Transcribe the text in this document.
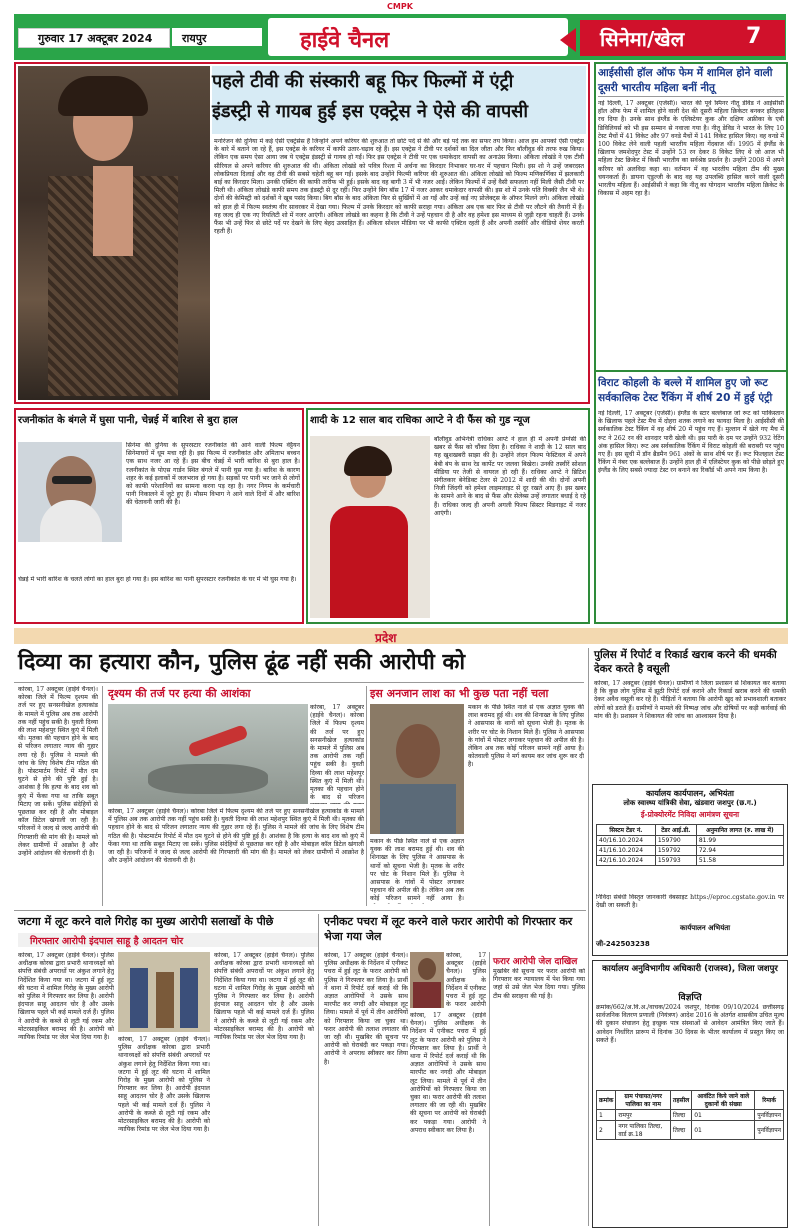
CMPK
गुरुवार 17 अक्टूबर 2024	रायपुर	हाईवे चैनल	सिनेमा/खेल	7
पहले टीवी की संस्कारी बहू फिर फिल्मों में एंट्री
इंडस्ट्री से गायब हुई इस एक्ट्रेस ने ऐसे की वापसी

मनोरंजन की दुनिया में कई ऐसी एक्ट्रेसेस हैं जिन्होंने अपने करियर की शुरुआत तो छोटे पर्दे से की और बड़े पर्दे तक का सफर तय किया। आज हम आपको ऐसी एक्ट्रेस के बारे में बताने जा रहे हैं, इस एक्ट्रेस के करियर में काफी उतार-चढ़ाव रहे हैं। इस एक्ट्रेस ने टीवी पर दर्शकों का दिल जीता और फिर बॉलीवुड की तरफ रुख किया। लेकिन एक समय ऐसा आया जब ये एक्ट्रेस इंडस्ट्री से गायब हो गईं। फिर इस एक्ट्रेस ने टीवी पर एक धमाकेदार वापसी का अनाउंस किया। अंकिता लोखंडे ने एक टीवी सीरियल से अपने करियर की शुरुआत की थी। अंकिता लोखंडे को पवित्र रिश्ता में अर्चना का किरदार निभाकर घर-घर में पहचान मिली। इस शो ने उन्हें जबरदस्त लोकप्रियता दिलाई और वह टीवी की सबसे चहेती बहू बन गईं। इसके बाद उन्होंने फिल्मी करियर की शुरुआत की। अंकिता लोखंडे को फिल्म मणिकर्णिका में झलकारी बाई का किरदार मिला। उनकी एक्टिंग की काफी तारीफ भी हुई। इसके बाद वह बागी 3 में भी नजर आईं। लेकिन फिल्मों में उन्हें वैसी सफलता नहीं मिली जैसी टीवी पर मिली थी। अंकिता लोखंडे काफी समय तक इंडस्ट्री से दूर रहीं। फिर उन्होंने बिग बॉस 17 में नजर आकर धमाकेदार वापसी की। इस शो में उनके पति विक्की जैन भी थे। दोनों की केमिस्ट्री को दर्शकों ने खूब पसंद किया। बिग बॉस के बाद अंकिता फिर से सुर्खियों में आ गईं और उन्हें कई नए प्रोजेक्ट्स के ऑफर मिलने लगे। अंकिता लोखंडे को हाल ही में फिल्म स्वतंत्र्य वीर सावरकर में देखा गया। फिल्म में उनके किरदार को काफी सराहा गया। अंकिता अब एक बार फिर से टीवी पर लौटने की तैयारी में हैं। वह जल्द ही एक नए रियलिटी शो में नजर आएंगी। अंकिता लोखंडे का कहना है कि टीवी ने उन्हें पहचान दी है और वह हमेशा इस माध्यम से जुड़ी रहना चाहती हैं। उनके फैंस भी उन्हें फिर से छोटे पर्दे पर देखने के लिए बेहद उत्साहित हैं। अंकिता सोशल मीडिया पर भी काफी एक्टिव रहती हैं और अपनी तस्वीरें और वीडियो शेयर करती रहती हैं।

आईसीसी हॉल ऑफ फेम में शामिल होने वाली दूसरी भारतीय महिला बनीं नीतू

नई दिल्ली, 17 अक्टूबर (एजेंसी)। भारत की पूर्व स्पिनर नीतू डेविड ने आईसीसी हॉल ऑफ फेम में शामिल होने वाली देश की दूसरी महिला क्रिकेटर बनकर इतिहास रच दिया है। उनके साथ इंग्लैंड के एलिस्टेयर कुक और दक्षिण अफ्रीका के एबी डिविलियर्स को भी इस सम्मान से नवाजा गया है। नीतू डेविड ने भारत के लिए 10 टेस्ट मैचों में 41 विकेट और 97 वनडे मैचों में 141 विकेट हासिल किए। वह वनडे में 100 विकेट लेने वाली पहली भारतीय महिला गेंदबाज थीं। 1995 में इंग्लैंड के खिलाफ जमशेदपुर टेस्ट में उन्होंने 53 रन देकर 8 विकेट लिए थे जो आज भी महिला टेस्ट क्रिकेट में किसी भारतीय का सर्वश्रेष्ठ प्रदर्शन है। उन्होंने 2008 में अपने करियर को अलविदा कहा था। वर्तमान में वह भारतीय महिला टीम की मुख्य चयनकर्ता हैं। डायना एडुल्जी के बाद वह यह उपलब्धि हासिल करने वाली दूसरी भारतीय महिला हैं। आईसीसी ने कहा कि नीतू का योगदान भारतीय महिला क्रिकेट के विकास में अहम रहा है।

विराट कोहली के बल्ले में शामिल हुए जो रूट सर्वकालिक टेस्ट रैंकिंग में शीर्ष 20 में हुई एंट्री

नई दिल्ली, 17 अक्टूबर (एजेंसी)। इंग्लैंड के स्टार बल्लेबाज जो रूट को पाकिस्तान के खिलाफ पहले टेस्ट मैच में दोहरा शतक लगाने का फायदा मिला है। आईसीसी की सर्वकालिक टेस्ट रैंकिंग में वह शीर्ष 20 में पहुंच गए हैं। मुल्तान में खेले गए मैच में रूट ने 262 रन की शानदार पारी खेली थी। इस पारी के दम पर उन्होंने 932 रेटिंग अंक हासिल किए। रूट अब सर्वकालिक रैंकिंग में विराट कोहली की बराबरी पर पहुंच गए हैं। इस सूची में डॉन ब्रैडमैन 961 अंकों के साथ शीर्ष पर हैं। रूट फिलहाल टेस्ट रैंकिंग में नंबर एक बल्लेबाज हैं। उन्होंने हाल ही में एलिस्टेयर कुक को पीछे छोड़ते हुए इंग्लैंड के लिए सबसे ज्यादा टेस्ट रन बनाने का रिकॉर्ड भी अपने नाम किया है।

रजनीकांत के बंगले में घुसा पानी, चेन्नई में बारिश से बुरा हाल

सिनेमा की दुनिया के सुपरस्टार रजनीकांत की आने वाली फिल्म वेट्टैयन सिनेमाघरों में धूम मचा रही है। इस फिल्म में रजनीकांत और अमिताभ बच्चन एक साथ नजर आ रहे हैं। इस बीच चेन्नई में भारी बारिश से बुरा हाल है। रजनीकांत के पोएस गार्डन स्थित बंगले में पानी घुस गया है। बारिश के कारण शहर के कई इलाकों में जलभराव हो गया है। सड़कों पर पानी भर जाने से लोगों को काफी परेशानियों का सामना करना पड़ रहा है। नगर निगम के कर्मचारी पानी निकालने में जुटे हुए हैं। मौसम विभाग ने आने वाले दिनों में और बारिश की चेतावनी जारी की है।

चेन्नई में भारी बारिश के चलते लोगों का हाल बुरा हो गया है। इस बारिश का पानी सुपरस्टार रजनीकांत के घर में भी घुस गया है।

शादी के 12 साल बाद राधिका आप्टे ने दी फैंस को गुड न्यूज

बॉलीवुड अभिनेत्री राधिका आप्टे ने हाल ही में अपनी प्रेग्नेंसी की खबर से फैंस को चौंका दिया है। राधिका ने शादी के 12 साल बाद यह खुशखबरी साझा की है। उन्होंने लंदन फिल्म फेस्टिवल में अपने बेबी बंप के साथ रेड कार्पेट पर जलवा बिखेरा। उनकी तस्वीरें सोशल मीडिया पर तेजी से वायरल हो रही हैं। राधिका आप्टे ने ब्रिटिश संगीतकार बेनेडिक्ट टेलर से 2012 में शादी की थी। दोनों अपनी निजी जिंदगी को हमेशा लाइमलाइट से दूर रखते आए हैं। इस खबर के सामने आने के बाद से फैंस और सेलेब्स उन्हें लगातार बधाई दे रहे हैं। राधिका जल्द ही अपनी अगली फिल्म सिस्टर मिडनाइट में नजर आएंगी।

प्रदेश
दिव्या का हत्यारा कौन, पुलिस ढूंढ नहीं सकी आरोपी को

कोरबा, 17 अक्टूबर (हाईवे चैनल)। कोरबा जिले में फिल्म दृश्यम की तर्ज पर हुए सनसनीखेज हत्याकांड के मामले में पुलिस अब तक आरोपी तक नहीं पहुंच सकी है। युवती दिव्या की लाश महेशपुर स्थित कुएं में मिली थी। मृतका की पहचान होने के बाद से परिजन लगातार न्याय की गुहार लगा रहे हैं। पुलिस ने मामले की जांच के लिए विशेष टीम गठित की है। पोस्टमार्टम रिपोर्ट में मौत दम घुटने से होने की पुष्टि हुई है। आशंका है कि हत्या के बाद शव को कुएं में फेंका गया था ताकि सबूत मिटाए जा सकें। पुलिस संदेहियों से पूछताछ कर रही है और मोबाइल कॉल डिटेल खंगाली जा रही है। परिजनों ने जल्द से जल्द आरोपी की गिरफ्तारी की मांग की है। मामले को लेकर ग्रामीणों में आक्रोश है और उन्होंने आंदोलन की चेतावनी दी है।

दृश्यम की तर्ज पर हत्या की आशंका

कोरबा, 17 अक्टूबर (हाईवे चैनल)। कोरबा जिले में फिल्म दृश्यम की तर्ज पर हुए सनसनीखेज हत्याकांड के मामले में पुलिस अब तक आरोपी तक नहीं पहुंच सकी है। युवती दिव्या की लाश महेशपुर स्थित कुएं में मिली थी। मृतका की पहचान होने के बाद से परिजन

कोरबा, 17 अक्टूबर (हाईवे चैनल)। कोरबा जिले में फिल्म दृश्यम की तर्ज पर हुए सनसनीखेज हत्याकांड के मामले में पुलिस अब तक आरोपी तक नहीं पहुंच सकी है। युवती दिव्या की लाश महेशपुर स्थित कुएं में मिली थी। मृतका की पहचान होने के बाद से परिजन लगातार न्याय की गुहार लगा रहे हैं। पुलिस ने मामले की जांच के लिए विशेष टीम गठित की है। पोस्टमार्टम रिपोर्ट में मौत दम घुटने से होने की पुष्टि हुई है। आशंका है कि हत्या के बाद शव को कुएं में फेंका गया था ताकि सबूत मिटाए जा सकें। पुलिस संदेहियों से पूछताछ कर रही है और मोबाइल कॉल डिटेल खंगाली जा रही है। परिजनों ने जल्द से जल्द आरोपी की गिरफ्तारी की मांग की है। मामले को लेकर ग्रामीणों में आक्रोश है और उन्होंने आंदोलन की चेतावनी दी है।

इस अनजान लाश का भी कुछ पता नहीं चला

मकान के पीछे स्थित नाले से एक अज्ञात युवक की लाश बरामद हुई थी। शव की शिनाख्त के लिए पुलिस ने आसपास के थानों को सूचना भेजी है। मृतक के शरीर पर चोट के निशान मिले हैं। पुलिस ने आसपास के गांवों में पोस्टर लगाकर पहचान की अपील की है। लेकिन अब तक कोई परिजन सामने नहीं आया है। कोतवाली पुलिस ने मर्ग कायम कर जांच शुरू कर दी है।

मकान के पीछे स्थित नाले से एक अज्ञात युवक की लाश बरामद हुई थी। शव की शिनाख्त के लिए पुलिस ने आसपास के थानों को सूचना भेजी है। मृतक के शरीर पर चोट के निशान मिले हैं। पुलिस ने आसपास के गांवों में पोस्टर लगाकर पहचान की अपील की है। लेकिन अब तक कोई परिजन सामने नहीं आया है।

पुलिस में रिपोर्ट व रिकार्ड खराब करने की धमकी देकर करते है वसूली

कोरबा, 17 अक्टूबर (हाईवे चैनल)। ग्रामीणों ने जिला प्रशासन से शिकायत कर बताया है कि कुछ लोग पुलिस में झूठी रिपोर्ट दर्ज कराने और रिकार्ड खराब करने की धमकी देकर अवैध वसूली कर रहे हैं। पीड़ितों ने बताया कि आरोपी खुद को प्रभावशाली बताकर लोगों को डराते हैं। ग्रामीणों ने मामले की निष्पक्ष जांच और दोषियों पर कड़ी कार्रवाई की मांग की है। प्रशासन ने शिकायत की जांच का आश्वासन दिया है।

कार्यालय कार्यपालन, अभियंता
लोक स्वास्थ्य यांत्रिकी सेवा, खंडवारा जशपुर (छ.ग.)
ई-प्रोक्योरमेंट निविदा आमंत्रण सूचना
सिस्टम टेंडर नं.	टेंडर आई.डी.	अनुमानित लागत (रु. लाख में)
40/16.10.2024	159790	81.99
41/16.10.2024	159792	72.94
42/16.10.2024	159793	51.58

निविदा संबंधी विस्तृत जानकारी वेबसाइट https://eproc.cgstate.gov.in पर देखी जा सकती है।

कार्यपालन अभियंता
जी-242503238
कार्यालय अनुविभागीय अधिकारी (राजस्व), जिला जशपुर
विज्ञप्ति

क्रमांक/662/अ.वि.अ./वाचक/2024 जशपुर, दिनांक 09/10/2024 छत्तीसगढ़ सार्वजनिक वितरण प्रणाली (नियंत्रण) आदेश 2016 के अंतर्गत शासकीय उचित मूल्य की दुकान संचालन हेतु इच्छुक पात्र संस्थाओं से आवेदन आमंत्रित किए जाते हैं। आवेदन निर्धारित प्रारूप में दिनांक 30 दिवस के भीतर कार्यालय में प्रस्तुत किए जा सकते हैं।

क्रमांक	ग्राम पंचायत/नगर पालिका का नाम	तहसील	आवंटित किये जाने वाले दुकानों की संख्या	रिमार्क
1	रामपुर	तिल्दा	01	पुनर्विज्ञापन
2	नगर पालिका तिल्दा, वार्ड क्र.18	तिल्दा	01	पुनर्विज्ञापन
जटगा में लूट करने वाले गिरोह का मुख्य आरोपी सलाखों के पीछे
गिरफ्तार आरोपी इंदपाल साहू है आदतन चोर

कोरबा, 17 अक्टूबर (हाईवे चैनल)। पुलिस अधीक्षक कोरबा द्वारा प्रभारी थानाध्यक्षों को संपत्ति संबंधी अपराधों पर अंकुश लगाने हेतु निर्देशित किया गया था। जटगा में हुई लूट की घटना में शामिल गिरोह के मुख्य आरोपी को पुलिस ने गिरफ्तार कर लिया है। आरोपी इंदपाल साहू आदतन चोर है और उसके खिलाफ पहले भी कई मामले दर्ज हैं। पुलिस ने आरोपी के कब्जे से लूटी गई रकम और मोटरसाइकिल बरामद की है। आरोपी को न्यायिक रिमांड पर जेल भेज दिया गया है।	कोरबा, 17 अक्टूबर (हाईवे चैनल)। पुलिस अधीक्षक कोरबा द्वारा प्रभारी थानाध्यक्षों को संपत्ति संबंधी अपराधों पर अंकुश लगाने हेतु निर्देशित किया गया था। जटगा में हुई लूट की घटना में शामिल गिरोह के मुख्य आरोपी को पुलिस ने गिरफ्तार कर लिया है। आरोपी इंदपाल साहू आदतन चोर है और उसके खिलाफ पहले भी कई मामले दर्ज हैं। पुलिस ने आरोपी के कब्जे से लूटी गई रकम और मोटरसाइकिल बरामद की है। आरोपी को न्यायिक रिमांड पर जेल भेज दिया गया है।

कोरबा, 17 अक्टूबर (हाईवे चैनल)। पुलिस अधीक्षक कोरबा द्वारा प्रभारी थानाध्यक्षों को संपत्ति संबंधी अपराधों पर अंकुश लगाने हेतु निर्देशित किया गया था। जटगा में हुई लूट की घटना में शामिल गिरोह के मुख्य आरोपी को पुलिस ने गिरफ्तार कर लिया है। आरोपी इंदपाल साहू आदतन चोर है और उसके खिलाफ पहले भी कई मामले दर्ज हैं। पुलिस ने आरोपी के कब्जे से लूटी गई रकम और मोटरसाइकिल बरामद की है। आरोपी को न्यायिक रिमांड पर जेल भेज दिया गया है।

एनीकट पचरा में लूट करने वाले फरार आरोपी को गिरफ्तार कर भेजा गया जेल

कोरबा, 17 अक्टूबर (हाईवे चैनल)। पुलिस अधीक्षक के निर्देशन में एनीकट पचरा में हुई लूट के फरार आरोपी को पुलिस ने गिरफ्तार कर लिया है। प्रार्थी ने थाना में रिपोर्ट दर्ज कराई थी कि अज्ञात आरोपियों ने उसके साथ मारपीट कर नगदी और मोबाइल लूट लिया। मामले में पूर्व में तीन आरोपियों को गिरफ्तार किया जा चुका था। फरार आरोपी की तलाश लगातार की जा रही थी। मुखबिर की सूचना पर आरोपी को घेराबंदी कर पकड़ा गया। आरोपी ने अपराध स्वीकार कर लिया है।

कोरबा, 17 अक्टूबर (हाईवे चैनल)। पुलिस अधीक्षक के निर्देशन में एनीकट पचरा में हुई लूट के फरार आरोपी

कोरबा, 17 अक्टूबर (हाईवे चैनल)। पुलिस अधीक्षक के निर्देशन में एनीकट पचरा में हुई लूट के फरार आरोपी को पुलिस ने गिरफ्तार कर लिया है। प्रार्थी ने थाना में रिपोर्ट दर्ज कराई थी कि अज्ञात आरोपियों ने उसके साथ मारपीट कर नगदी और मोबाइल लूट लिया। मामले में पूर्व में तीन आरोपियों को गिरफ्तार किया जा चुका था। फरार आरोपी की तलाश लगातार की जा रही थी। मुखबिर की सूचना पर आरोपी को घेराबंदी कर पकड़ा गया। आरोपी ने अपराध स्वीकार कर लिया है।

फरार आरोपी जेल दाखिल

मुखबिर की सूचना पर फरार आरोपी को गिरफ्तार कर न्यायालय में पेश किया गया जहां से उसे जेल भेज दिया गया। पुलिस टीम की सराहना की गई है।
